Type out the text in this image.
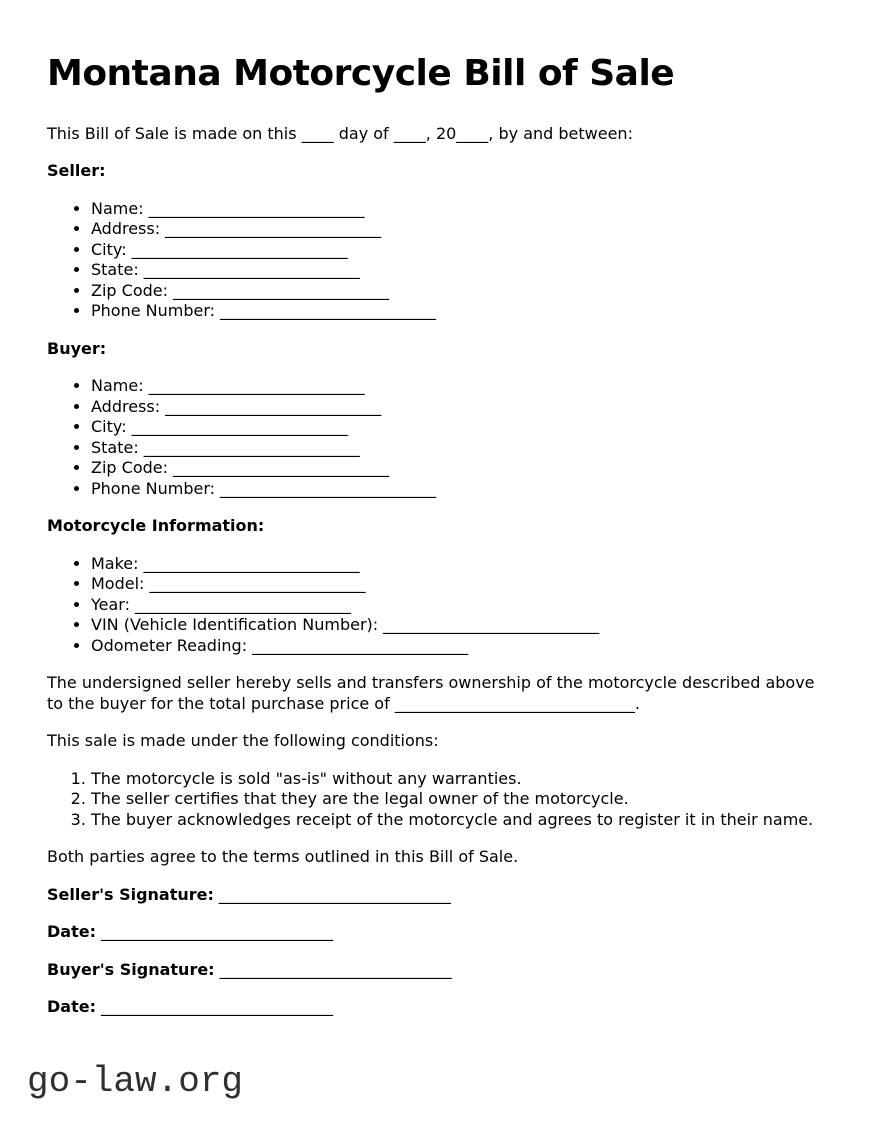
Montana Motorcycle Bill of Sale

This Bill of Sale is made on this ____ day of ____, 20____, by and between:

Seller:

• Name: ___________________________
• Address: ___________________________
• City: ___________________________
• State: ___________________________
• Zip Code: ___________________________
• Phone Number: ___________________________

Buyer:

• Name: ___________________________
• Address: ___________________________
• City: ___________________________
• State: ___________________________
• Zip Code: ___________________________
• Phone Number: ___________________________

Motorcycle Information:

• Make: ___________________________
• Model: ___________________________
• Year: ___________________________
• VIN (Vehicle Identification Number): ___________________________
• Odometer Reading: ___________________________

The undersigned seller hereby sells and transfers ownership of the motorcycle described above to the buyer for the total purchase price of ______________________________.

This sale is made under the following conditions:

1. The motorcycle is sold "as-is" without any warranties.
2. The seller certifies that they are the legal owner of the motorcycle.
3. The buyer acknowledges receipt of the motorcycle and agrees to register it in their name.

Both parties agree to the terms outlined in this Bill of Sale.

Seller's Signature: _____________________________

Date: _____________________________

Buyer's Signature: _____________________________

Date: _____________________________

go-law.org
